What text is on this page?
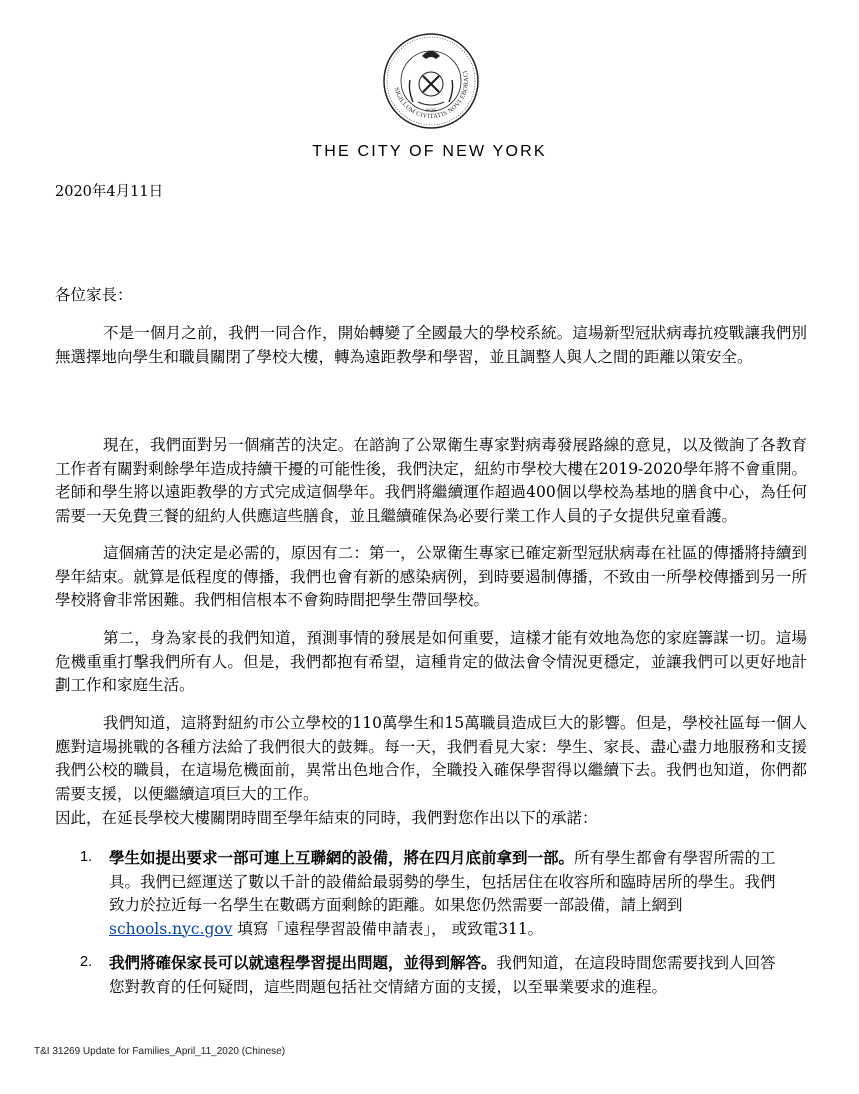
SIGILLUM CIVITATIS NOVI EBORACI
1625
THE CITY OF NEW YORK
2020年4月11日
各位家長：

不是一個月之前，我們一同合作，開始轉變了全國最大的學校系統。這場新型冠狀病毒抗疫戰讓我們別無選擇地向學生和職員關閉了學校大樓，轉為遠距教學和學習，並且調整人與人之間的距離以策安全。

現在，我們面對另一個痛苦的決定。在諮詢了公眾衛生專家對病毒發展路線的意見，以及徵詢了各教育工作者有關對剩餘學年造成持續干擾的可能性後，我們決定，紐約市學校大樓在2019-2020學年將不會重開。老師和學生將以遠距教學的方式完成這個學年。我們將繼續運作超過400個以學校為基地的膳食中心，為任何需要一天免費三餐的紐約人供應這些膳食，並且繼續確保為必要行業工作人員的子女提供兒童看護。

這個痛苦的決定是必需的，原因有二：第一，公眾衛生專家已確定新型冠狀病毒在社區的傳播將持續到學年結束。就算是低程度的傳播，我們也會有新的感染病例，到時要遏制傳播，不致由一所學校傳播到另一所學校將會非常困難。我們相信根本不會夠時間把學生帶回學校。

第二，身為家長的我們知道，預測事情的發展是如何重要，這樣才能有效地為您的家庭籌謀一切。這場危機重重打擊我們所有人。但是，我們都抱有希望，這種肯定的做法會令情況更穩定，並讓我們可以更好地計劃工作和家庭生活。

我們知道，這將對紐約市公立學校的110萬學生和15萬職員造成巨大的影響。但是，學校社區每一個人應對這場挑戰的各種方法給了我們很大的鼓舞。每一天，我們看見大家：學生、家長、盡心盡力地服務和支援我們公校的職員，在這場危機面前，異常出色地合作，全職投入確保學習得以繼續下去。我們也知道，你們都需要支援，以便繼續這項巨大的工作。

因此，在延長學校大樓關閉時間至學年結束的同時，我們對您作出以下的承諾：
1. 學生如提出要求一部可連上互聯網的設備，將在四月底前拿到一部。所有學生都會有學習所需的工具。我們已經運送了數以千計的設備給最弱勢的學生，包括居住在收容所和臨時居所的學生。我們致力於拉近每一名學生在數碼方面剩餘的距離。如果您仍然需要一部設備，請上網到 schools.nyc.gov 填寫「遠程學習設備申請表」， 或致電311。
2. 我們將確保家長可以就遠程學習提出問題，並得到解答。我們知道，在這段時間您需要找到人回答您對教育的任何疑問，這些問題包括社交情緒方面的支援，以至畢業要求的進程。
T&I 31269 Update for Families_April_11_2020 (Chinese)
